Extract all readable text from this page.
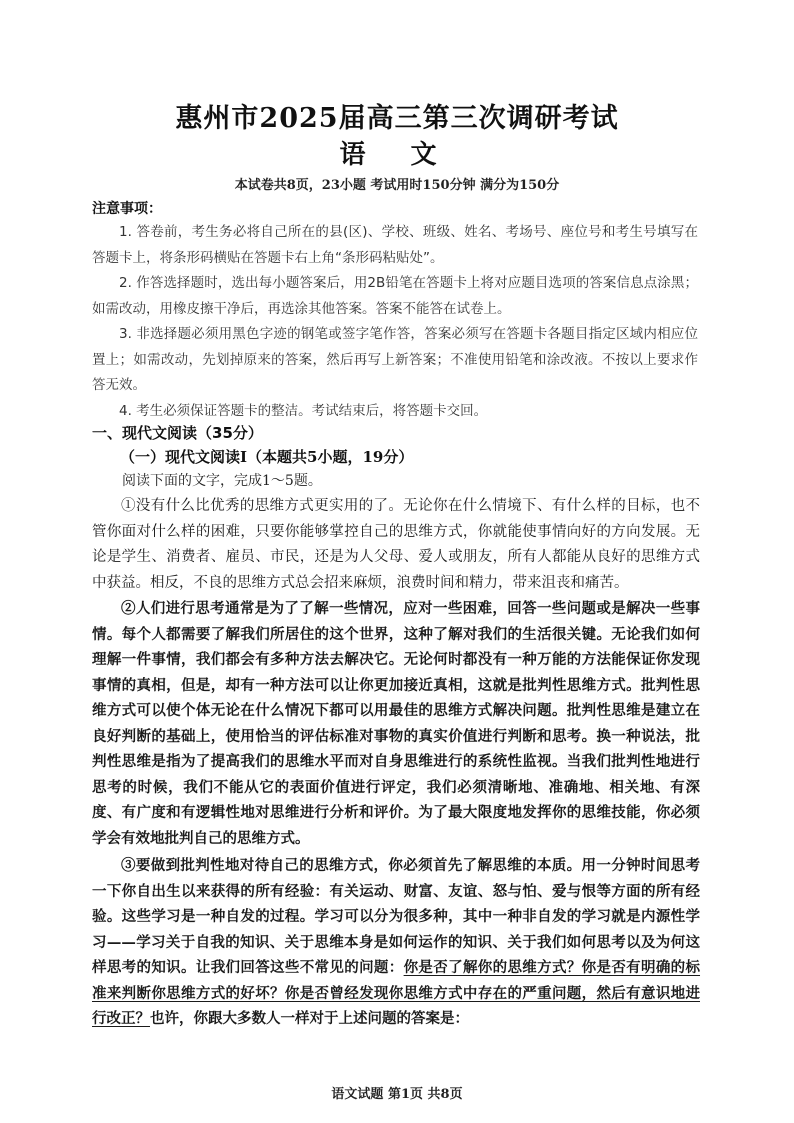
惠州市2025届高三第三次调研考试
语 文
本试卷共8页，23小题 考试用时150分钟 满分为150分
注意事项：

1. 答卷前，考生务必将自己所在的县(区)、学校、班级、姓名、考场号、座位号和考生号填写在答题卡上，将条形码横贴在答题卡右上角“条形码粘贴处”。

2. 作答选择题时，选出每小题答案后，用2B铅笔在答题卡上将对应题目选项的答案信息点涂黑；如需改动，用橡皮擦干净后，再选涂其他答案。答案不能答在试卷上。

3. 非选择题必须用黑色字迹的钢笔或签字笔作答，答案必须写在答题卡各题目指定区域内相应位置上；如需改动，先划掉原来的答案，然后再写上新答案；不准使用铅笔和涂改液。不按以上要求作答无效。

4. 考生必须保证答题卡的整洁。考试结束后，将答题卡交回。

一、现代文阅读（35分）
（一）现代文阅读Ⅰ（本题共5小题，19分）
阅读下面的文字，完成1～5题。

①没有什么比优秀的思维方式更实用的了。无论你在什么情境下、有什么样的目标，也不管你面对什么样的困难，只要你能够掌控自己的思维方式，你就能使事情向好的方向发展。无论是学生、消费者、雇员、市民，还是为人父母、爱人或朋友，所有人都能从良好的思维方式中获益。相反，不良的思维方式总会招来麻烦，浪费时间和精力，带来沮丧和痛苦。

②人们进行思考通常是为了了解一些情况，应对一些困难，回答一些问题或是解决一些事情。每个人都需要了解我们所居住的这个世界，这种了解对我们的生活很关键。无论我们如何理解一件事情，我们都会有多种方法去解决它。无论何时都没有一种万能的方法能保证你发现事情的真相，但是，却有一种方法可以让你更加接近真相，这就是批判性思维方式。批判性思维方式可以使个体无论在什么情况下都可以用最佳的思维方式解决问题。批判性思维是建立在良好判断的基础上，使用恰当的评估标准对事物的真实价值进行判断和思考。换一种说法，批判性思维是指为了提高我们的思维水平而对自身思维进行的系统性监视。当我们批判性地进行思考的时候，我们不能从它的表面价值进行评定，我们必须清晰地、准确地、相关地、有深度、有广度和有逻辑性地对思维进行分析和评价。为了最大限度地发挥你的思维技能，你必须学会有效地批判自己的思维方式。

③要做到批判性地对待自己的思维方式，你必须首先了解思维的本质。用一分钟时间思考一下你自出生以来获得的所有经验：有关运动、财富、友谊、怒与怕、爱与恨等方面的所有经验。这些学习是一种自发的过程。学习可以分为很多种，其中一种非自发的学习就是内源性学习——学习关于自我的知识、关于思维本身是如何运作的知识、关于我们如何思考以及为何这样思考的知识。让我们回答这些不常见的问题：你是否了解你的思维方式？你是否有明确的标准来判断你思维方式的好坏？你是否曾经发现你思维方式中存在的严重问题，然后有意识地进行改正？也许，你跟大多数人一样对于上述问题的答案是：

语文试题 第1页 共8页
